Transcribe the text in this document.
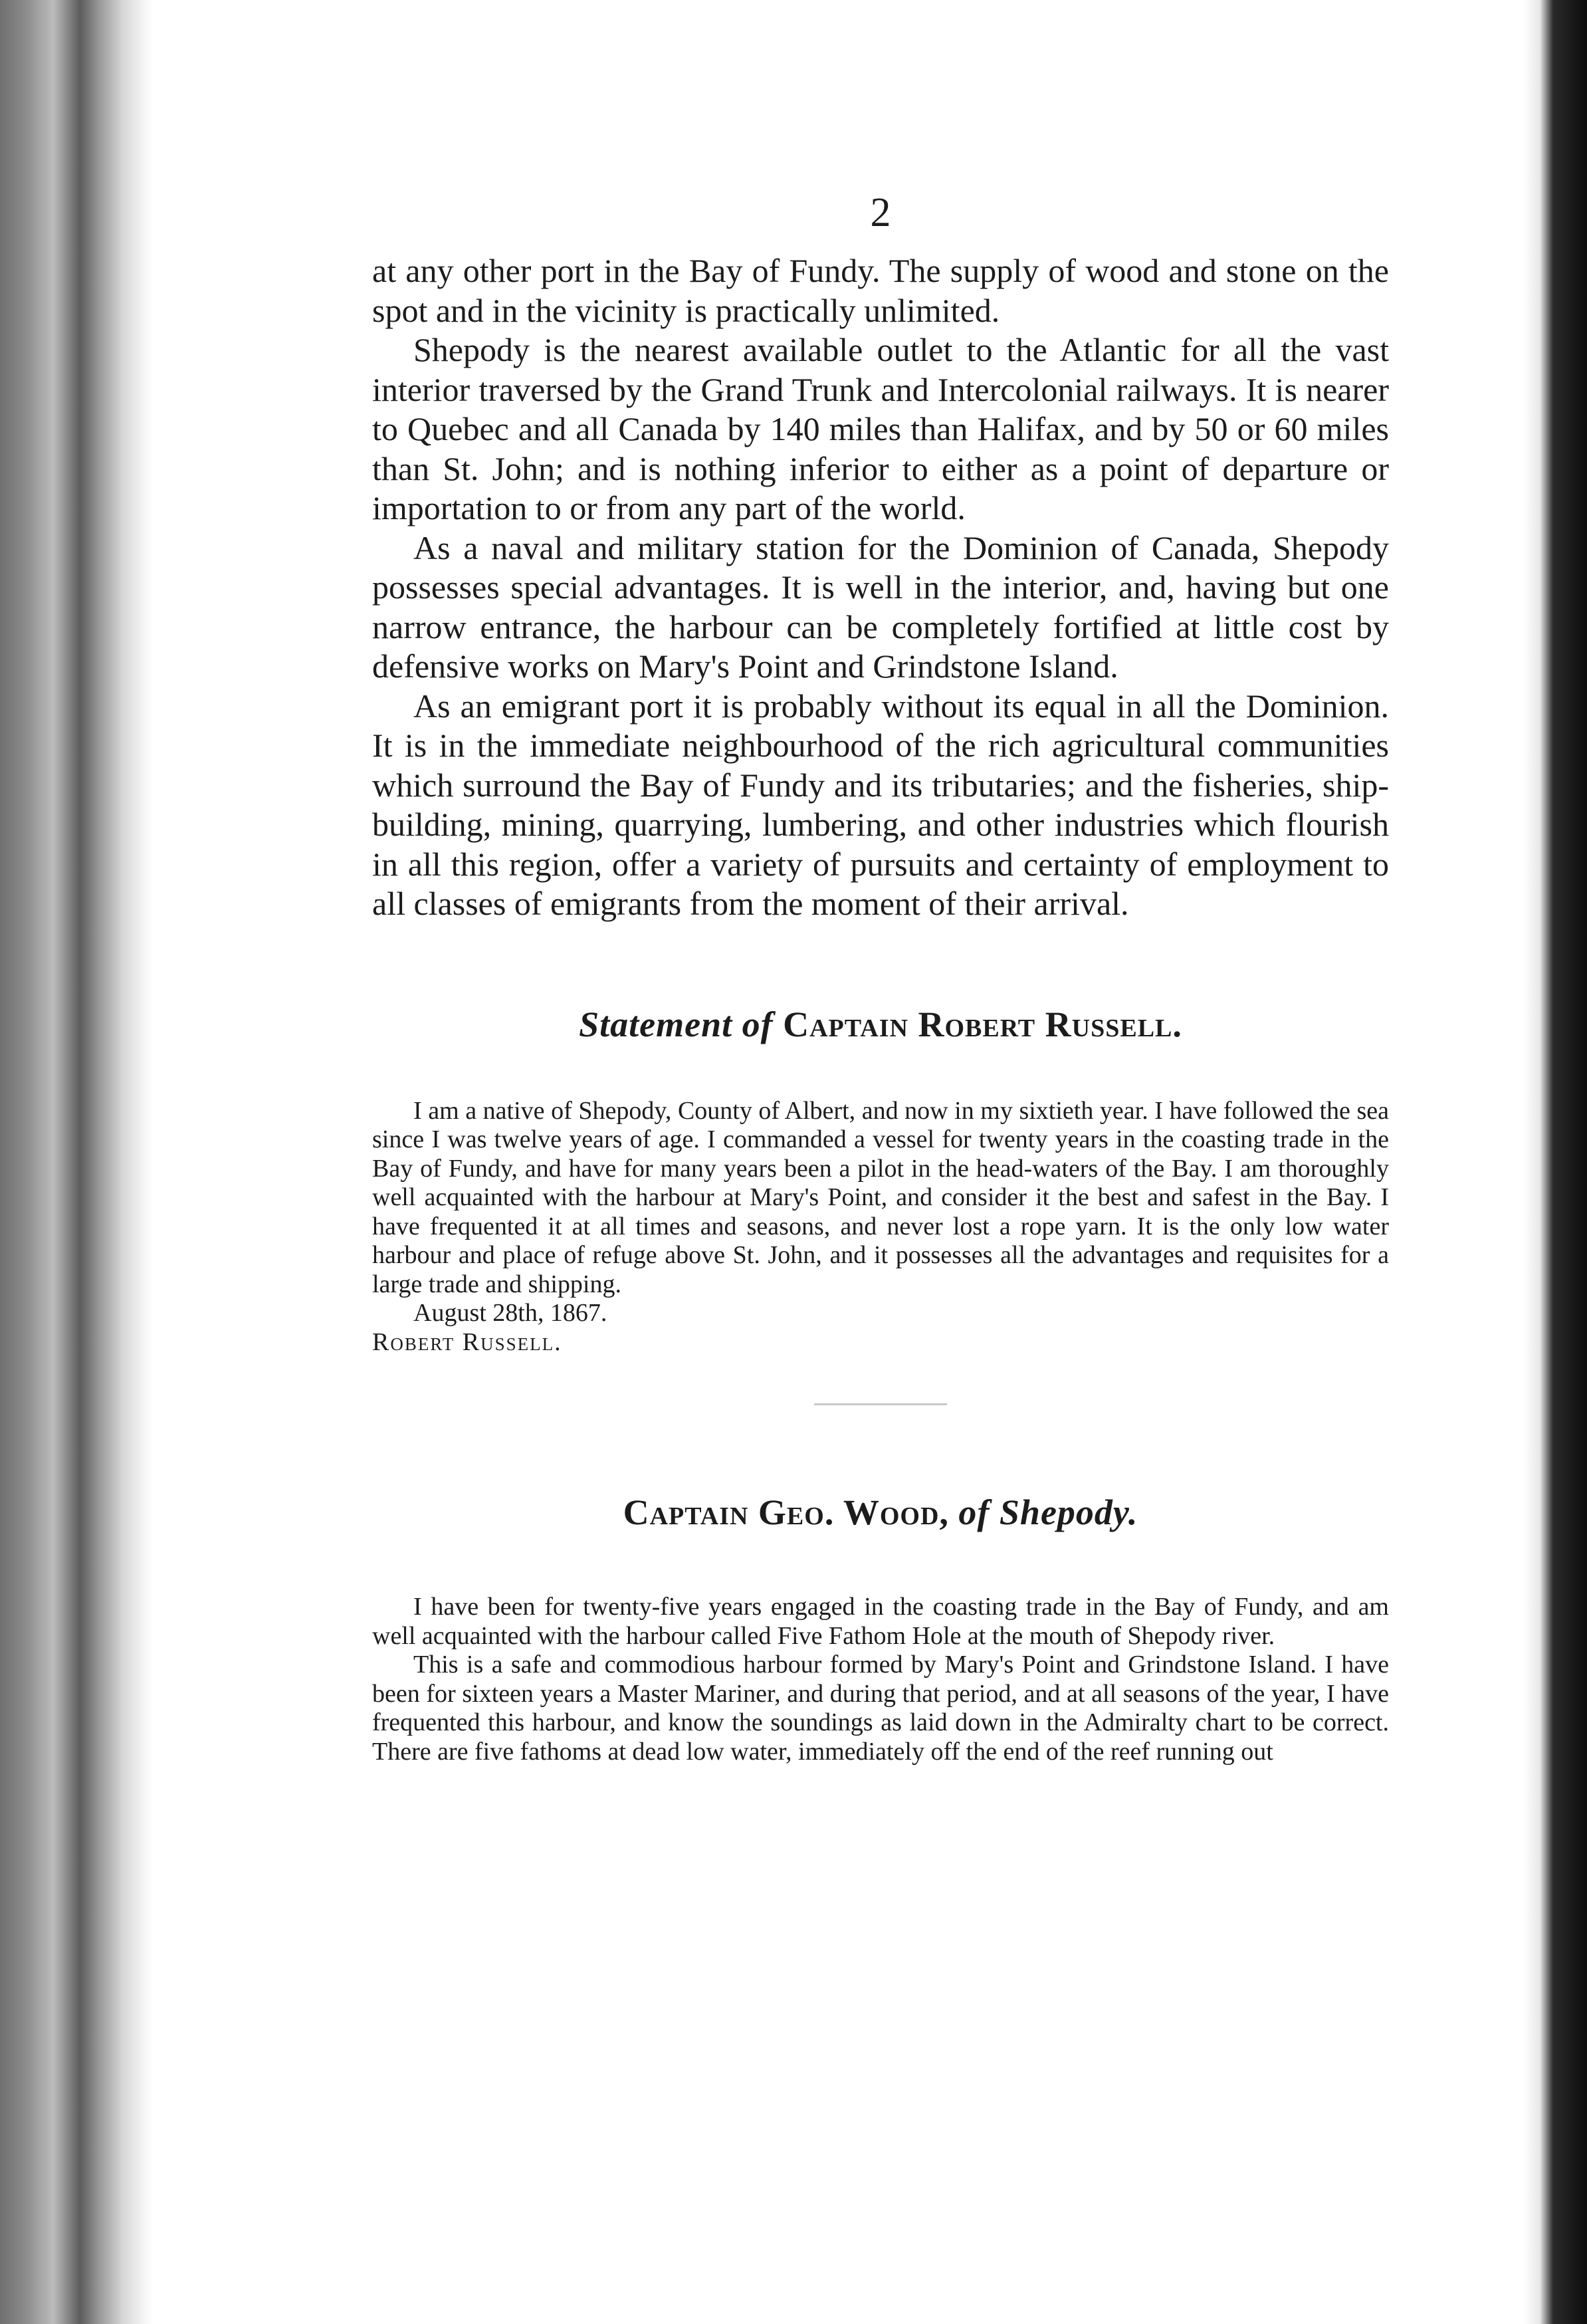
2

at any other port in the Bay of Fundy. The supply of wood and stone on the spot and in the vicinity is practically unlimited.

Shepody is the nearest available outlet to the Atlantic for all the vast interior traversed by the Grand Trunk and Intercolonial railways. It is nearer to Quebec and all Canada by 140 miles than Halifax, and by 50 or 60 miles than St. John; and is nothing inferior to either as a point of departure or importation to or from any part of the world.

As a naval and military station for the Dominion of Canada, Shepody possesses special advantages. It is well in the interior, and, having but one narrow entrance, the harbour can be completely fortified at little cost by defensive works on Mary's Point and Grindstone Island.

As an emigrant port it is probably without its equal in all the Dominion. It is in the immediate neighbourhood of the rich agricultural communities which surround the Bay of Fundy and its tributaries; and the fisheries, ship-building, mining, quarrying, lumbering, and other industries which flourish in all this region, offer a variety of pursuits and certainty of employment to all classes of emigrants from the moment of their arrival.

Statement of Captain Robert Russell.

I am a native of Shepody, County of Albert, and now in my sixtieth year. I have followed the sea since I was twelve years of age. I commanded a vessel for twenty years in the coasting trade in the Bay of Fundy, and have for many years been a pilot in the head-waters of the Bay. I am thoroughly well acquainted with the harbour at Mary's Point, and consider it the best and safest in the Bay. I have frequented it at all times and seasons, and never lost a rope yarn. It is the only low water harbour and place of refuge above St. John, and it possesses all the advantages and requisites for a large trade and shipping.

August 28th, 1867.

Robert Russell.

Captain Geo. Wood, of Shepody.

I have been for twenty-five years engaged in the coasting trade in the Bay of Fundy, and am well acquainted with the harbour called Five Fathom Hole at the mouth of Shepody river.

This is a safe and commodious harbour formed by Mary's Point and Grindstone Island. I have been for sixteen years a Master Mariner, and during that period, and at all seasons of the year, I have frequented this harbour, and know the soundings as laid down in the Admiralty chart to be correct. There are five fathoms at dead low water, immediately off the end of the reef running out
